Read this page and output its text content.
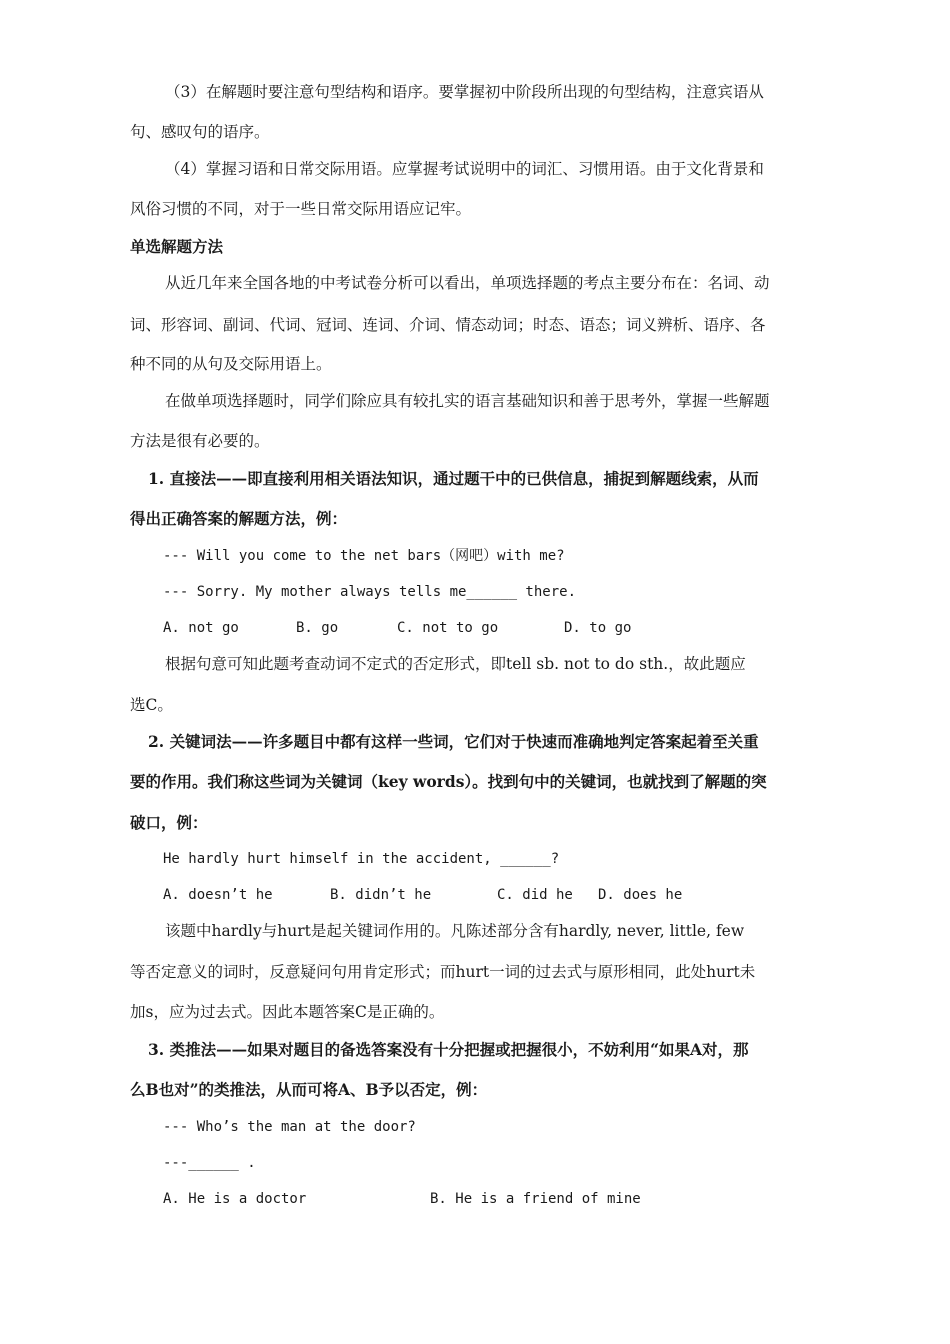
（3）在解题时要注意句型结构和语序。要掌握初中阶段所出现的句型结构，注意宾语从
句、感叹句的语序。
（4）掌握习语和日常交际用语。应掌握考试说明中的词汇、习惯用语。由于文化背景和
风俗习惯的不同，对于一些日常交际用语应记牢。
单选解题方法
从近几年来全国各地的中考试卷分析可以看出，单项选择题的考点主要分布在：名词、动
词、形容词、副词、代词、冠词、连词、介词、情态动词；时态、语态；词义辨析、语序、各
种不同的从句及交际用语上。
在做单项选择题时，同学们除应具有较扎实的语言基础知识和善于思考外，掌握一些解题
方法是很有必要的。
1. 直接法——即直接利用相关语法知识，通过题干中的已供信息，捕捉到解题线索，从而
得出正确答案的解题方法，例：
--- Will you come to the net bars（网吧）with me?
--- Sorry. My mother always tells me______ there.
A. not go	B. go	C. not to go	D. to go
根据句意可知此题考查动词不定式的否定形式，即tell sb. not to do sth.，故此题应
选C。
2. 关键词法——许多题目中都有这样一些词，它们对于快速而准确地判定答案起着至关重
要的作用。我们称这些词为关键词（key words）。找到句中的关键词，也就找到了解题的突
破口，例：
He hardly hurt himself in the accident, ______?
A. doesn’t he	B. didn’t he	C. did he D. does he
该题中hardly与hurt是起关键词作用的。凡陈述部分含有hardly, never, little, few
等否定意义的词时，反意疑问句用肯定形式；而hurt一词的过去式与原形相同，此处hurt未
加s，应为过去式。因此本题答案C是正确的。
3. 类推法——如果对题目的备选答案没有十分把握或把握很小，不妨利用“如果A对，那
么B也对”的类推法，从而可将A、B予以否定，例：
--- Who’s the man at the door?
---______ .
A. He is a doctor	B. He is a friend of mine
